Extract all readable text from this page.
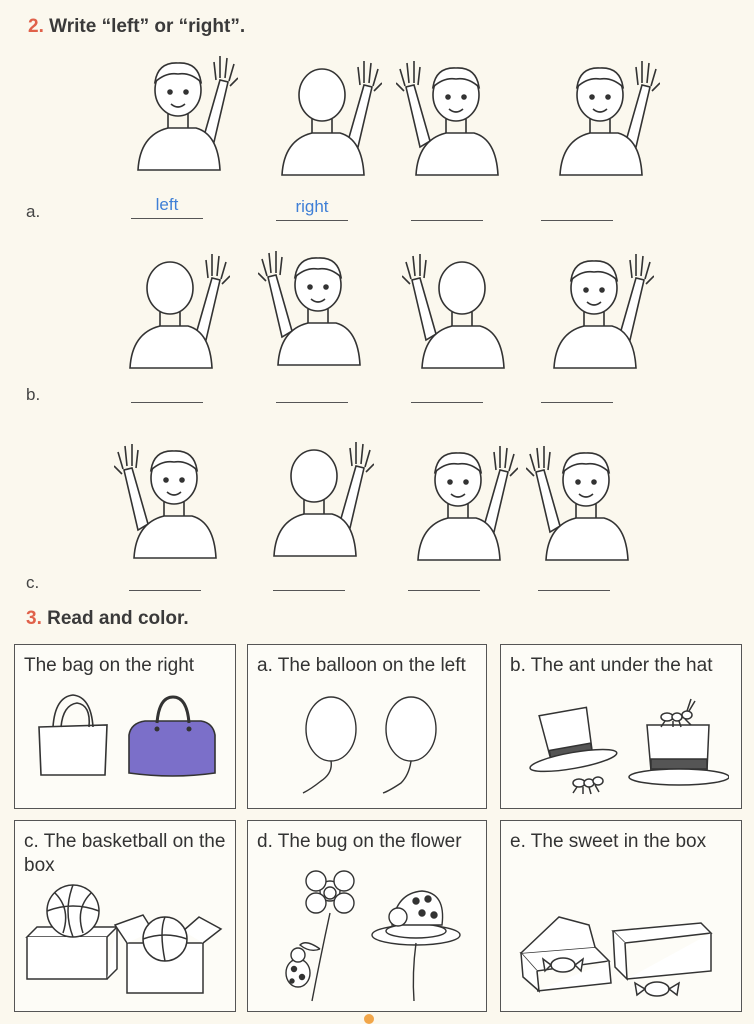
2. Write “left” or “right”.
a.	left	right
b.
c.
3. Read and color.
The bag on the right	a. The balloon on the left	b. The ant under the hat
c. The basketball on the box
d. The bug on the flower	e. The sweet in the box
